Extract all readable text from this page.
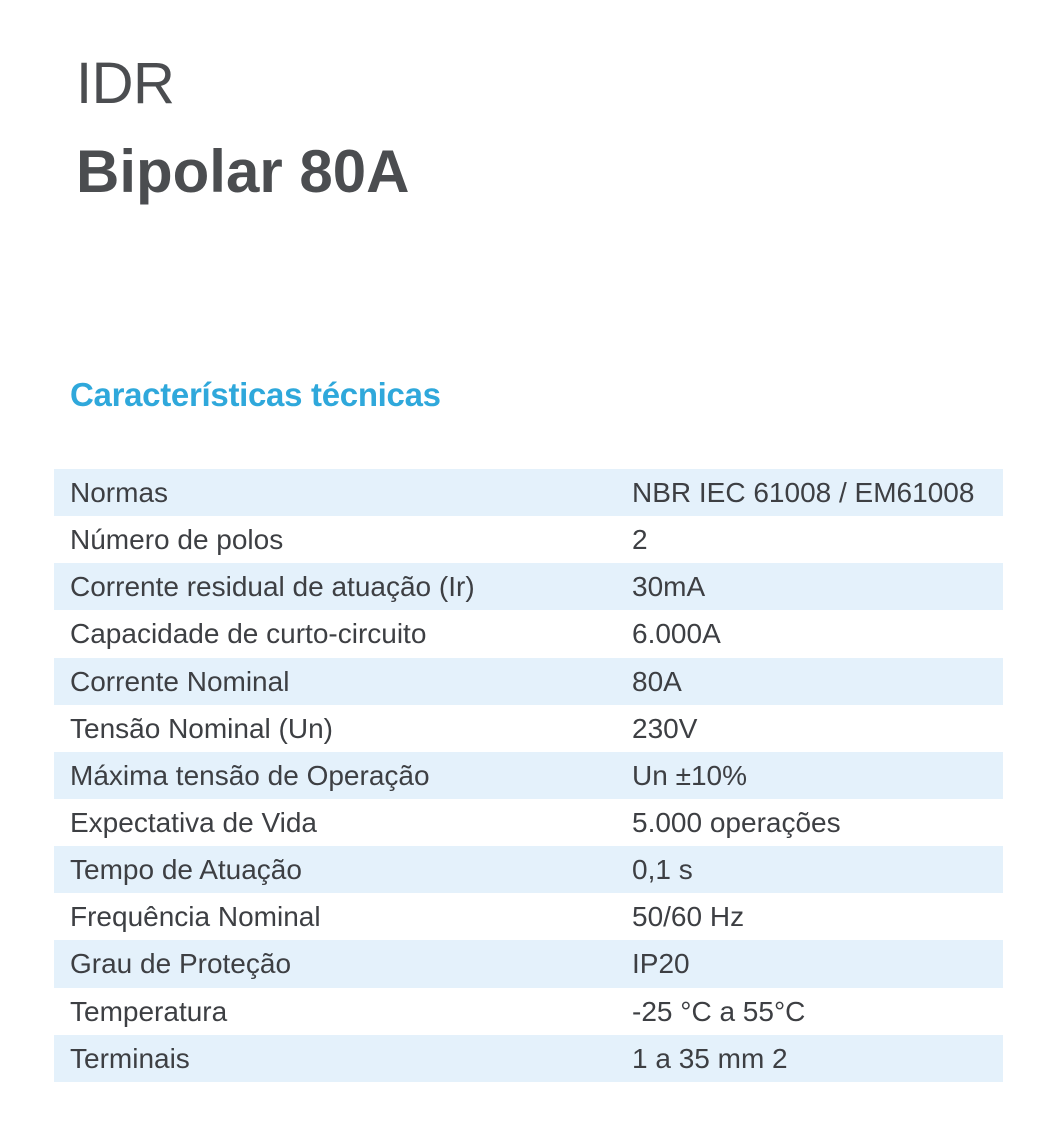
IDR
Bipolar 80A
Características técnicas
Normas	NBR IEC 61008 / EM61008
Número de polos	2
Corrente residual de atuação (Ir)	30mA
Capacidade de curto-circuito	6.000A
Corrente Nominal	80A
Tensão Nominal (Un)	230V
Máxima tensão de Operação	Un ±10%
Expectativa de Vida	5.000 operações
Tempo de Atuação	0,1 s
Frequência Nominal	50/60 Hz
Grau de Proteção	IP20
Temperatura	-25 °C a 55°C
Terminais	1 a 35 mm 2
